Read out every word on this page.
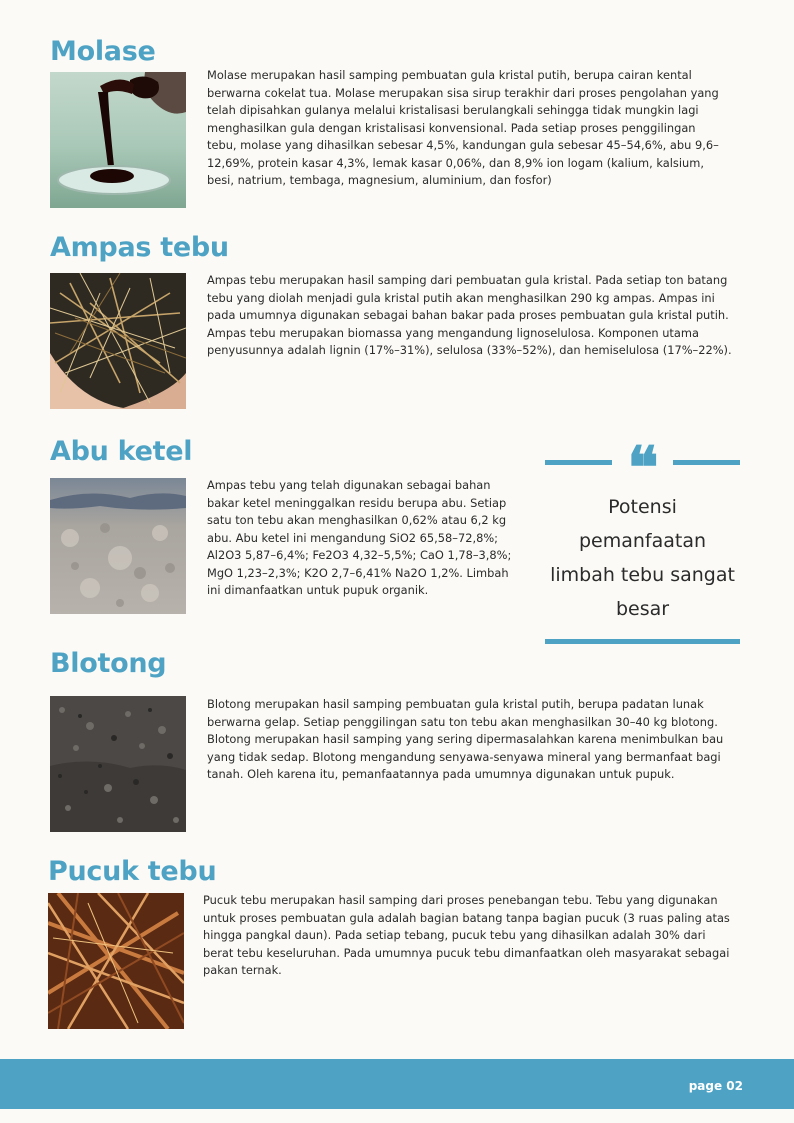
Molase

Molase merupakan hasil samping pembuatan gula kristal putih, berupa cairan kental berwarna cokelat tua. Molase merupakan sisa sirup terakhir dari proses pengolahan yang telah dipisahkan gulanya melalui kristalisasi berulangkali sehingga tidak mungkin lagi menghasilkan gula dengan kristalisasi konvensional. Pada setiap proses penggilingan tebu, molase yang dihasilkan sebesar 4,5%, kandungan gula sebesar 45–54,6%, abu 9,6–12,69%, protein kasar 4,3%, lemak kasar 0,06%, dan 8,9% ion logam (kalium, kalsium, besi, natrium, tembaga, magnesium, aluminium, dan fosfor)

Ampas tebu

Ampas tebu merupakan hasil samping dari pembuatan gula kristal. Pada setiap ton batang tebu yang diolah menjadi gula kristal putih akan menghasilkan 290 kg ampas. Ampas ini pada umumnya digunakan sebagai bahan bakar pada proses pembuatan gula kristal putih. Ampas tebu merupakan biomassa yang mengandung lignoselulosa. Komponen utama penyusunnya adalah lignin (17%–31%), selulosa (33%–52%), dan hemiselulosa (17%–22%).

Abu ketel

Ampas tebu yang telah digunakan sebagai bahan bakar ketel meninggalkan residu berupa abu. Setiap satu ton tebu akan menghasilkan 0,62% atau 6,2 kg abu. Abu ketel ini mengandung SiO2 65,58–72,8%; Al2O3 5,87–6,4%; Fe2O3 4,32–5,5%; CaO 1,78–3,8%; MgO 1,23–2,3%; K2O 2,7–6,41% Na2O 1,2%. Limbah ini dimanfaatkan untuk pupuk organik.

❝

Potensi pemanfaatan limbah tebu sangat besar

Blotong

Blotong merupakan hasil samping pembuatan gula kristal putih, berupa padatan lunak berwarna gelap. Setiap penggilingan satu ton tebu akan menghasilkan 30–40 kg blotong. Blotong merupakan hasil samping yang sering dipermasalahkan karena menimbulkan bau yang tidak sedap. Blotong mengandung senyawa-senyawa mineral yang bermanfaat bagi tanah. Oleh karena itu, pemanfaatannya pada umumnya digunakan untuk pupuk.

Pucuk tebu

Pucuk tebu merupakan hasil samping dari proses penebangan tebu. Tebu yang digunakan untuk proses pembuatan gula adalah bagian batang tanpa bagian pucuk (3 ruas paling atas hingga pangkal daun). Pada setiap tebang, pucuk tebu yang dihasilkan adalah 30% dari berat tebu keseluruhan. Pada umumnya pucuk tebu dimanfaatkan oleh masyarakat sebagai pakan ternak.

page 02
